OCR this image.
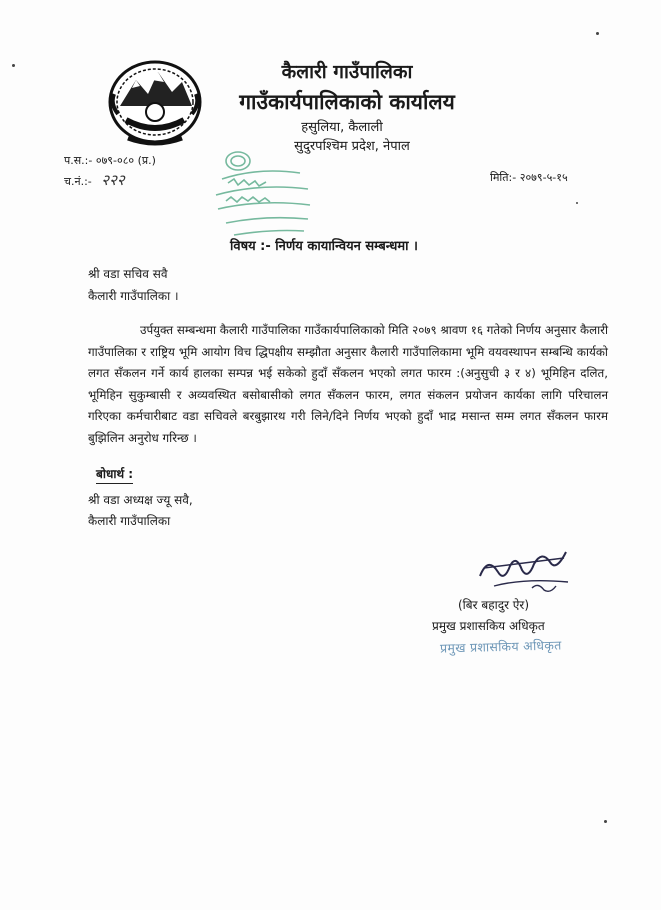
कैलारी गाउँपालिका
गाउँकार्यपालिकाको कार्यालय
हसुलिया, कैलाली
सुदुरपश्चिम प्रदेश, नेपाल
प.स.:- ०७९-०८० (प्र.)
च.नं.:- २२२	मिति:- २०७९-५-१५
विषय :- निर्णय कायान्वियन सम्बन्धमा ।
श्री वडा सचिव सवै
कैलारी गाउँपालिका ।
उर्पयुक्त सम्बन्धमा कैलारी गाउँपालिका गाउँकार्यपालिकाको मिति २०७९ श्रावण १६ गतेको निर्णय अनुसार कैलारी गाउँपालिका र राष्ट्रिय भूमि आयोग विच द्धिपक्षीय सम्झौता अनुसार कैलारी गाउँपालिकामा भूमि वयवस्थापन सम्बन्धि कार्यको लगत सँकलन गर्ने कार्य हालका सम्पन्न भई सकेको हुदाँ सँकलन भएको लगत फारम :(अनुसुची ३ र ४) भूमिहिन दलित, भूमिहिन सुकुम्बासी र अव्यवस्थित बसोबासीको लगत सँकलन फारम, लगत संकलन प्रयोजन कार्यका लागि परिचालन गरिएका कर्मचारीबाट वडा सचिवले बरबुझारथ गरी लिने/दिने निर्णय भएको हुदाँ भाद्र मसान्त सम्म लगत सँकलन फारम बुझिलिन अनुरोध गरिन्छ ।
बोधार्थ :
श्री वडा अध्यक्ष ज्यू सवै,
कैलारी गाउँपालिका
(बिर बहादुर ऐर)
प्रमुख प्रशासकिय अधिकृत
प्रमुख प्रशासकिय अधिकृत
